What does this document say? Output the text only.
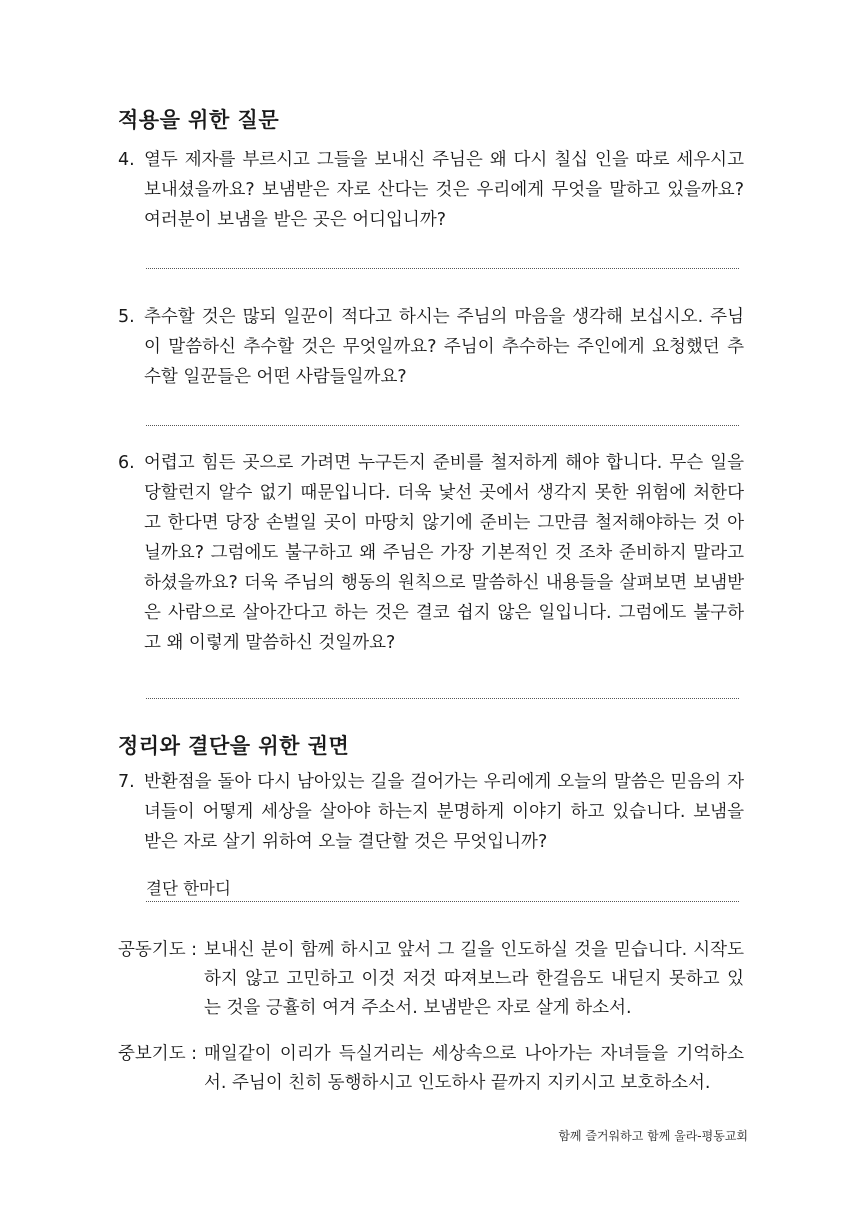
적용을 위한 질문
4. 열두 제자를 부르시고 그들을 보내신 주님은 왜 다시 칠십 인을 따로 세우시고 보내셨을까요? 보냄받은 자로 산다는 것은 우리에게 무엇을 말하고 있을까요? 여러분이 보냄을 받은 곳은 어디입니까?
5. 추수할 것은 많되 일꾼이 적다고 하시는 주님의 마음을 생각해 보십시오. 주님이 말씀하신 추수할 것은 무엇일까요? 주님이 추수하는 주인에게 요청했던 추수할 일꾼들은 어떤 사람들일까요?
6. 어렵고 힘든 곳으로 가려면 누구든지 준비를 철저하게 해야 합니다. 무슨 일을 당할런지 알수 없기 때문입니다. 더욱 낯선 곳에서 생각지 못한 위험에 처한다고 한다면 당장 손벌일 곳이 마땅치 않기에 준비는 그만큼 철저해야하는 것 아닐까요? 그럼에도 불구하고 왜 주님은 가장 기본적인 것 조차 준비하지 말라고 하셨을까요? 더욱 주님의 행동의 원칙으로 말씀하신 내용들을 살펴보면 보냄받은 사람으로 살아간다고 하는 것은 결코 쉽지 않은 일입니다. 그럼에도 불구하고 왜 이렇게 말씀하신 것일까요?
정리와 결단을 위한 권면
7. 반환점을 돌아 다시 남아있는 길을 걸어가는 우리에게 오늘의 말씀은 믿음의 자녀들이 어떻게 세상을 살아야 하는지 분명하게 이야기 하고 있습니다. 보냄을 받은 자로 살기 위하여 오늘 결단할 것은 무엇입니까?
결단 한마디
공동기도 : 보내신 분이 함께 하시고 앞서 그 길을 인도하실 것을 믿습니다. 시작도 하지 않고 고민하고 이것 저것 따져보느라 한걸음도 내딛지 못하고 있는 것을 긍휼히 여겨 주소서. 보냄받은 자로 살게 하소서.
중보기도 : 매일같이 이리가 득실거리는 세상속으로 나아가는 자녀들을 기억하소서. 주님이 친히 동행하시고 인도하사 끝까지 지키시고 보호하소서.
함께 즐거워하고 함께 울라-평동교회
